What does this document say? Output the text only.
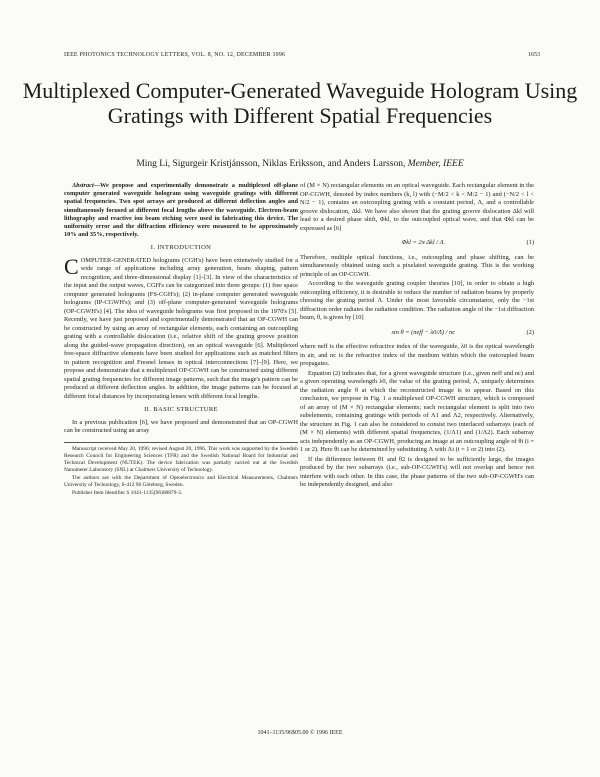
IEEE PHOTONICS TECHNOLOGY LETTERS, VOL. 8, NO. 12, DECEMBER 1996	1653
Multiplexed Computer-Generated Waveguide Hologram Using Gratings with Different Spatial Frequencies
Ming Li, Sigurgeir Kristjánsson, Niklas Eriksson, and Anders Larsson, Member, IEEE

Abstract—We propose and experimentally demonstrate a multiplexed off-plane computer generated waveguide hologram using waveguide gratings with different spatial frequencies. Two spot arrays are produced at different deflection angles and simultaneously focused at different focal lengths above the waveguide. Electron-beam lithography and reactive ion beam etching were used in fabricating this device. The uniformity error and the diffraction efficiency were measured to be approximately 10% and 35%, respectively.

I. INTRODUCTION

COMPUTER-GENERATED holograms (CGH's) have been extensively studied for a wide range of applications including array generation, beam shaping, pattern recognition, and three-dimensional display [1]–[3]. In view of the characteristics of the input and the output waves, CGH's can be categorized into three groups: (1) free space computer generated holograms (FS-CGH's); (2) in-plane computer generated waveguide holograms (IP-CGWH's); and (3) off-plane computer-generated waveguide holograms (OP-CGWH's) [4]. The idea of waveguide holograms was first proposed in the 1970's [5]. Recently, we have just proposed and experimentally demonstrated that an OP-CGWH can be constructed by using an array of rectangular elements, each containing an outcoupling grating with a controllable dislocation (i.e., relative shift of the grating groove position along the guided-wave propagation direction), on an optical waveguide [6]. Multiplexed free-space diffractive elements have been studied for applications such as matched filters in pattern recognition and Fresnel lenses in optical interconnections [7]–[9]. Here, we propose and demonstrate that a multiplexed OP-CGWH can be constructed using different spatial grating frequencies for different image patterns, such that the image's pattern can be produced at different deflection angles. In addition, the image patterns can be focused at different focal distances by incorporating lenses with different focal lengths.

II. BASIC STRUCTURE

In a previous publication [6], we have proposed and demonstrated that an OP-CGWH can be constructed using an array

Manuscript received May 20, 1996; revised August 20, 1996. This work was supported by the Swedish Research Council for Engineering Sciences (TFR) and the Swedish National Board for Industrial and Technical Development (NUTEK). The device fabrication was partially carried out at the Swedish Nanometer Laboratory (SNL) at Chalmers University of Technology.

The authors are with the Department of Optoelectronics and Electrical Measurements, Chalmers University of Technology, S-412 96 Göteborg, Sweden.

Publisher Item Identifier S 1041-1135(96)08879-3.

of (M × N) rectangular elements on an optical waveguide. Each rectangular element in the OP-CGWH, denoted by index numbers (k, l) with (−M/2 < k < M/2 − 1) and (−N/2 < l < N/2 − 1), contains an outcoupling grating with a constant period, Λ, and a controllable groove dislocation, Δkl. We have also shown that the grating groove dislocation Δkl will lead to a desired phase shift, Φkl, to the outcoupled optical wave, and that Φkl can be expressed as [6]

Φkl = 2π Δkl / Λ.	(1)

Therefore, multiple optical functions, i.e., outcoupling and phase shifting, can be simultaneously obtained using such a pixelated waveguide grating. This is the working principle of an OP-CGWH.

According to the waveguide grating coupler theories [10], in order to obtain a high outcoupling efficiency, it is desirable to reduce the number of radiation beams by properly choosing the grating period Λ. Under the most favorable circumstance, only the −1st diffraction order radiates the radiation condition. The radiation angle of the −1st diffraction beam, θ, is given by [10]

sin θ = (neff − λ0/Λ) / nc	(2)

where neff is the effective refractive index of the waveguide, λ0 is the optical wavelength in air, and nc is the refractive index of the medium within which the outcoupled beam propagates.

Equation (2) indicates that, for a given waveguide structure (i.e., given neff and nc) and a given operating wavelength λ0, the value of the grating period, Λ, uniquely determines the radiation angle θ at which the reconstructed image is to appear. Based on this conclusion, we propose in Fig. 1 a multiplexed OP-CGWH structure, which is composed of an array of (M × N) rectangular elements; each rectangular element is split into two subelements, containing gratings with periods of Λ1 and Λ2, respectively. Alternatively, the structure in Fig. 1 can also be considered to consist two interlaced subarrays (each of (M × N) elements) with different spatial frequencies, (1/Λ1) and (1/Λ2). Each subarray acts independently as an OP-CGWH, producing an image at an outcoupling angle of θi (i = 1 or 2). Here θi can be determined by substituting Λ with Λi (i = 1 or 2) into (2).

If the difference between θ1 and θ2 is designed to be sufficiently large, the images produced by the two subarrays (i.e., sub-OP-CGWH's) will not overlap and hence not interfere with each other. In this case, the phase patterns of the two sub-OP-CGWH's can be independently designed, and also

1041–1135/96$05.00 © 1996 IEEE
